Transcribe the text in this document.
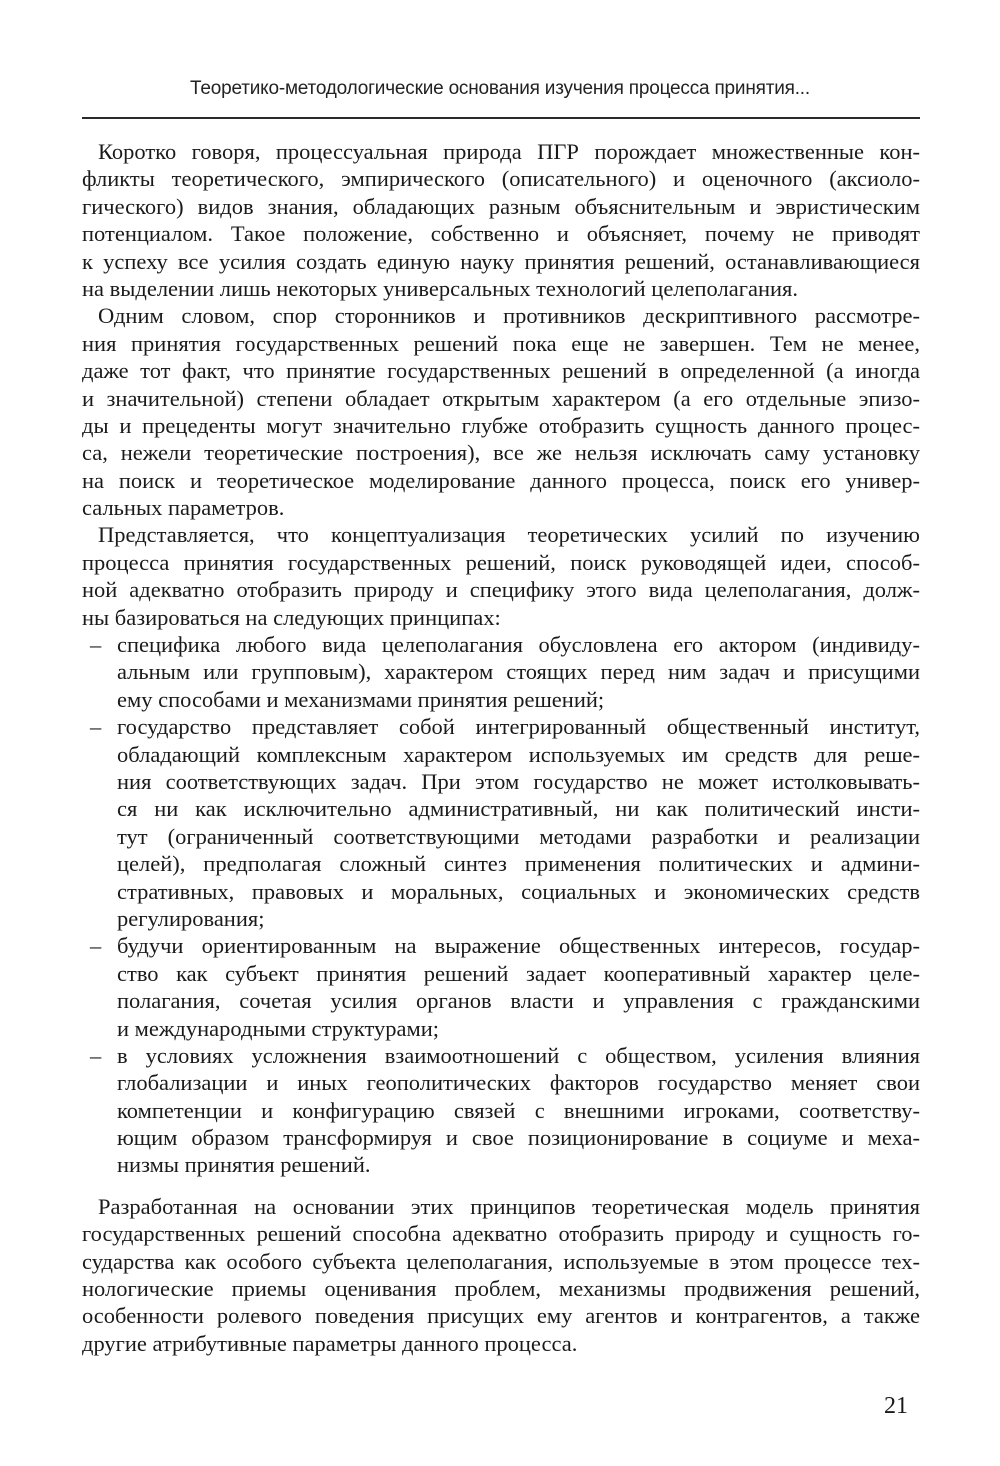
Теоретико-методологические основания изучения процесса принятия...
Коротко говоря, процессуальная природа ПГР порождает множественные кон-
фликты теоретического, эмпирического (описательного) и оценочного (аксиоло-
гического) видов знания, обладающих разным объяснительным и эвристическим
потенциалом. Такое положение, собственно и объясняет, почему не приводят
к успеху все усилия создать единую науку принятия решений, останавливающиеся
на выделении лишь некоторых универсальных технологий целеполагания.
Одним словом, спор сторонников и противников дескриптивного рассмотре-
ния принятия государственных решений пока еще не завершен. Тем не менее,
даже тот факт, что принятие государственных решений в определенной (а иногда
и значительной) степени обладает открытым характером (а его отдельные эпизо-
ды и прецеденты могут значительно глубже отобразить сущность данного процес-
са, нежели теоретические построения), все же нельзя исключать саму установку
на поиск и теоретическое моделирование данного процесса, поиск его универ-
сальных параметров.
Представляется, что концептуализация теоретических усилий по изучению
процесса принятия государственных решений, поиск руководящей идеи, способ-
ной адекватно отобразить природу и специфику этого вида целеполагания, долж-
ны базироваться на следующих принципах:
– специфика любого вида целеполагания обусловлена его актором (индивиду-
альным или групповым), характером стоящих перед ним задач и присущими
ему способами и механизмами принятия решений;
– государство представляет собой интегрированный общественный институт,
обладающий комплексным характером используемых им средств для реше-
ния соответствующих задач. При этом государство не может истолковывать-
ся ни как исключительно административный, ни как политический инсти-
тут (ограниченный соответствующими методами разработки и реализации
целей), предполагая сложный синтез применения политических и админи-
стративных, правовых и моральных, социальных и экономических средств
регулирования;
– будучи ориентированным на выражение общественных интересов, государ-
ство как субъект принятия решений задает кооперативный характер целе-
полагания, сочетая усилия органов власти и управления с гражданскими
и международными структурами;
– в условиях усложнения взаимоотношений с обществом, усиления влияния
глобализации и иных геополитических факторов государство меняет свои
компетенции и конфигурацию связей с внешними игроками, соответству-
ющим образом трансформируя и свое позиционирование в социуме и меха-
низмы принятия решений.
Разработанная на основании этих принципов теоретическая модель принятия
государственных решений способна адекватно отобразить природу и сущность го-
сударства как особого субъекта целеполагания, используемые в этом процессе тех-
нологические приемы оценивания проблем, механизмы продвижения решений,
особенности ролевого поведения присущих ему агентов и контрагентов, а также
другие атрибутивные параметры данного процесса.
21
